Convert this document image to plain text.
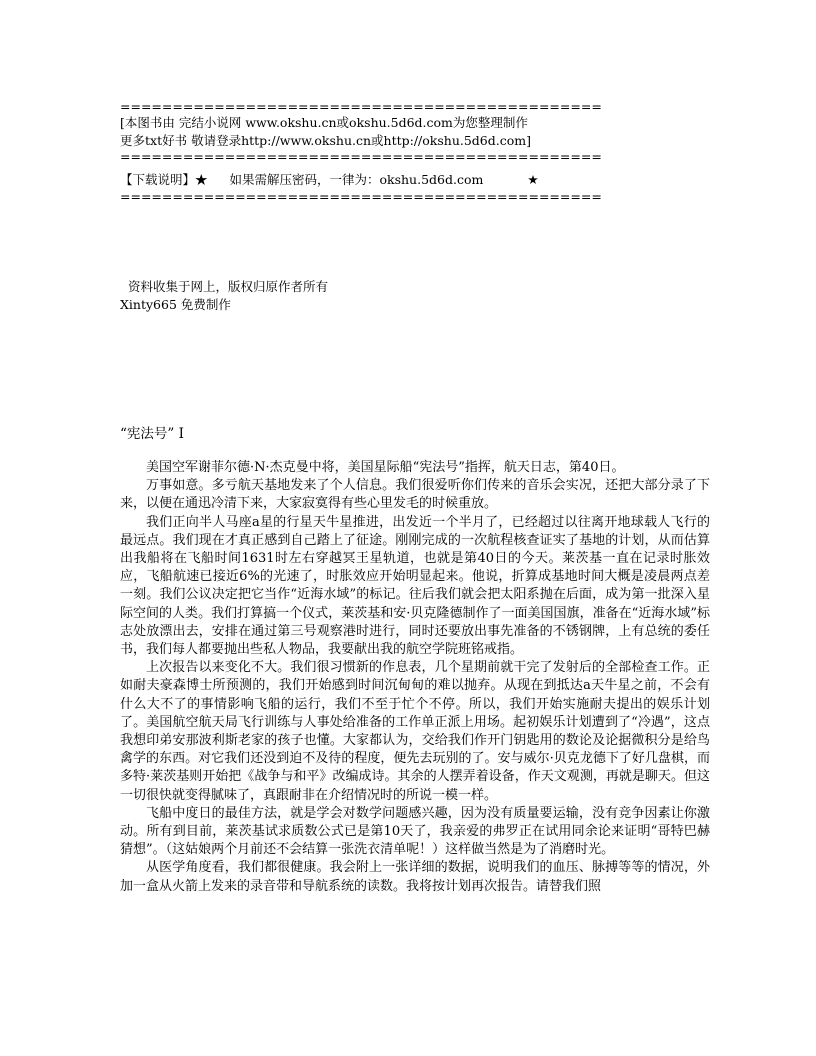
==============================================
[本图书由 完结小说网 www.okshu.cn或okshu.5d6d.com为您整理制作
更多txt好书 敬请登录http://www.okshu.cn或http://okshu.5d6d.com]
==============================================
【下载说明】★ 如果需解压密码，一律为：okshu.5d6d.com	★
==============================================
资料收集于网上，版权归原作者所有
Xinty665 免费制作
“宪法号” I

美国空军谢菲尔德·N·杰克曼中将，美国星际船“宪法号”指挥，航天日志，第40日。

万事如意。多亏航天基地发来了个人信息。我们很爱听你们传来的音乐会实况，还把大部分录了下来，以便在通迅冷清下来，大家寂寞得有些心里发毛的时候重放。

我们正向半人马座a星的行星天牛星推进，出发近一个半月了，已经超过以往离开地球载人飞行的最远点。我们现在才真正感到自己踏上了征途。刚刚完成的一次航程核查证实了基地的计划，从而估算出我船将在飞船时间1631时左右穿越冥王星轨道，也就是第40日的今天。莱茨基一直在记录时胀效应，飞船航速已接近6%的光速了，时胀效应开始明显起来。他说，折算成基地时间大概是凌晨两点差一刻。我们公议决定把它当作“近海水域”的标记。往后我们就会把太阳系抛在后面，成为第一批深入星际空间的人类。我们打算搞一个仪式，莱茨基和安·贝克隆德制作了一面美国国旗，准备在“近海水域”标志处放漂出去，安排在通过第三号观察港时进行，同时还要放出事先准备的不锈钢牌，上有总统的委任书，我们每人都要抛出些私人物品，我要献出我的航空学院班铭戒指。

上次报告以来变化不大。我们很习惯新的作息表，几个星期前就干完了发射后的全部检查工作。正如耐夫豪森博士所预测的，我们开始感到时间沉甸甸的难以抛弃。从现在到抵达a天牛星之前，不会有什么大不了的事情影响飞船的运行，我们不至于忙个不停。所以，我们开始实施耐夫提出的娱乐计划了。美国航空航天局飞行训练与人事处给准备的工作单正派上用场。起初娱乐计划遭到了“冷遇”，这点我想印弟安那波利斯老家的孩子也懂。大家都认为，交给我们作开门钥匙用的数论及论据微积分是给鸟禽学的东西。对它我们还没到迫不及待的程度，便先去玩别的了。安与威尔·贝克龙德下了好几盘棋，而多特·莱茨基则开始把《战争与和平》改编成诗。其余的人摆弄着设备，作天文观测，再就是聊天。但这一切很快就变得腻味了，真跟耐非在介绍情况时的所说一模一样。

飞船中度日的最佳方法，就是学会对数学问题感兴趣，因为没有质量要运输，没有竞争因素让你激动。所有到目前，莱茨基试求质数公式已是第10天了，我亲爱的弗罗正在试用同余论来证明“哥特巴赫猜想”。（这姑娘两个月前还不会结算一张洗衣清单呢！）这样做当然是为了消磨时光。

从医学角度看，我们都很健康。我会附上一张详细的数据，说明我们的血压、脉搏等等的情况，外加一盒从火箭上发来的录音带和导航系统的读数。我将按计划再次报告。请替我们照
